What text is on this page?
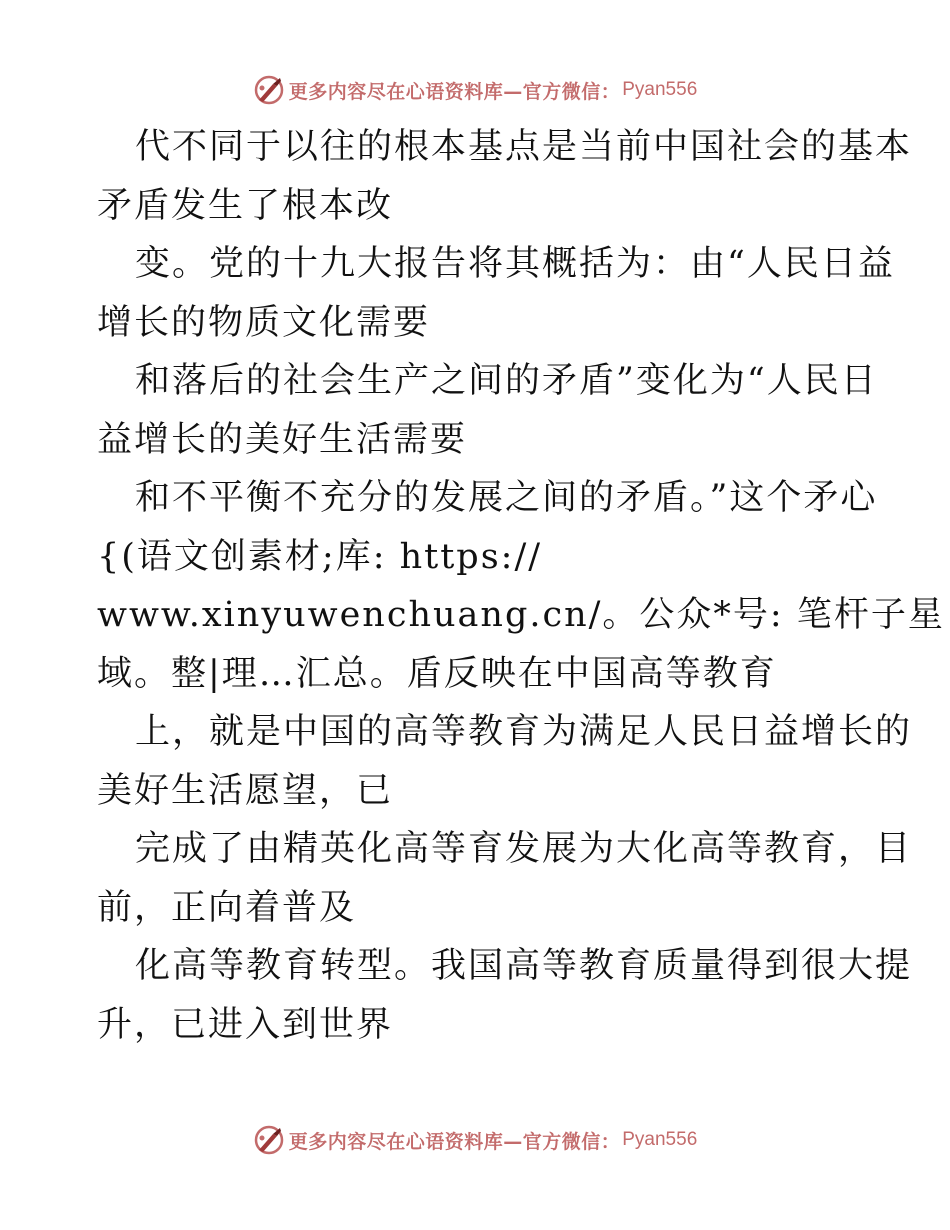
更多内容尽在心语资料库—官方微信： Pyan556
代不同于以往的根本基点是当前中国社会的基本
矛盾发生了根本改
变。党的十九大报告将其概括为：由“人民日益
增长的物质文化需要
和落后的社会生产之间的矛盾”变化为“人民日
益增长的美好生活需要
和不平衡不充分的发展之间的矛盾。”这个矛心
{(语文创素材;库: https://
www.xinyuwenchuang.cn/。公众*号: 笔杆子星
域。整|理…汇总。盾反映在中国高等教育
上，就是中国的高等教育为满足人民日益增长的
美好生活愿望，已
完成了由精英化高等育发展为大化高等教育，目
前，正向着普及
化高等教育转型。我国高等教育质量得到很大提
升，已进入到世界
更多内容尽在心语资料库—官方微信： Pyan556
